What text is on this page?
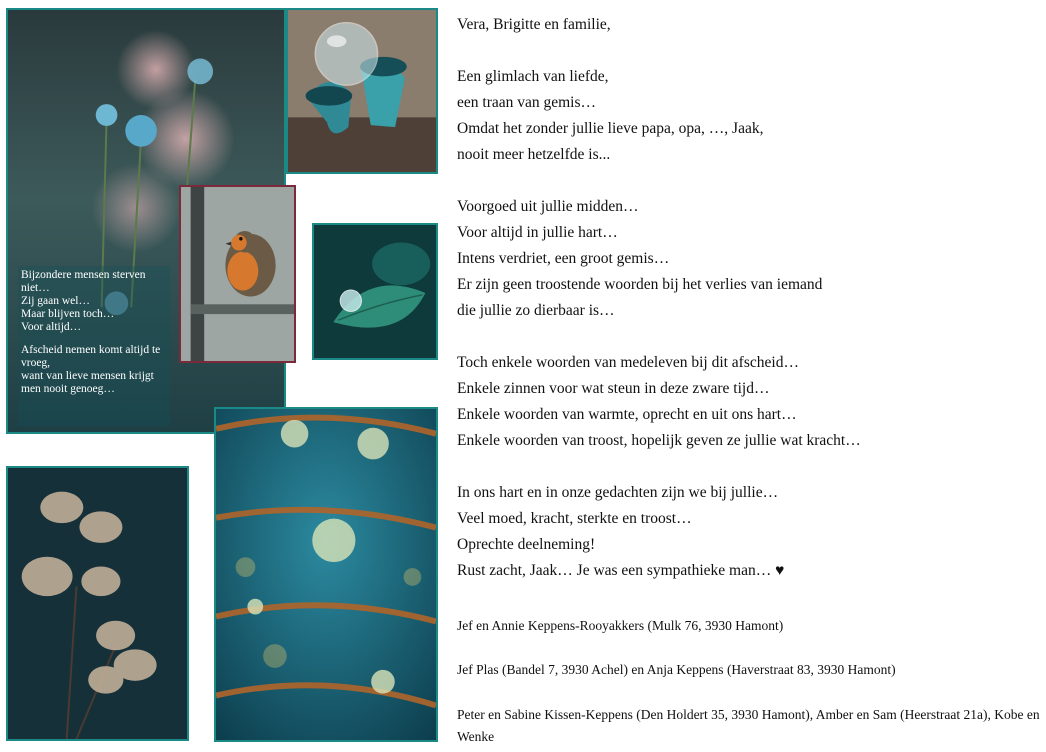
Bijzondere mensen sterven niet…

Zij gaan wel…

Maar blijven toch…

Voor altijd…

Afscheid nemen komt altijd te vroeg,

want van lieve mensen krijgt men nooit genoeg…

Vera, Brigitte en familie,

Een glimlach van liefde,

een traan van gemis…

Omdat het zonder jullie lieve papa, opa, …, Jaak,

nooit meer hetzelfde is...

Voorgoed uit jullie midden…

Voor altijd in jullie hart…

Intens verdriet, een groot gemis…

Er zijn geen troostende woorden bij het verlies van iemand

die jullie zo dierbaar is…

Toch enkele woorden van medeleven bij dit afscheid…

Enkele zinnen voor wat steun in deze zware tijd…

Enkele woorden van warmte, oprecht en uit ons hart…

Enkele woorden van troost, hopelijk geven ze jullie wat kracht…

In ons hart en in onze gedachten zijn we bij jullie…

Veel moed, kracht, sterkte en troost…

Oprechte deelneming!

Rust zacht, Jaak… Je was een sympathieke man… ♥

Jef en Annie Keppens-Rooyakkers (Mulk 76, 3930 Hamont)

Jef Plas (Bandel 7, 3930 Achel) en Anja Keppens (Haverstraat 83, 3930 Hamont)

Peter en Sabine Kissen-Keppens (Den Holdert 35, 3930 Hamont), Amber en Sam (Heerstraat 21a), Kobe en Wenke
